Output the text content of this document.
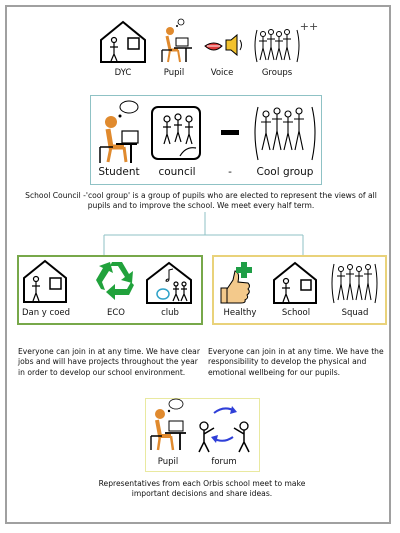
++
DYC	Pupil	Voice	Groups
Student council	- Cool group
School Council -'cool group' is a group of pupils who are elected to represent the views of all pupils and to improve the school. We meet every half term.
Dan y coed	ECO	club	Healthy	School	Squad
Everyone can join in at any time. We have clear jobs and will have projects throughout the year in order to develop our school environment.
Everyone can join in at any time. We have the responsibility to develop the physical and emotional wellbeing for our pupils.
Pupil	forum
Representatives from each Orbis school meet to make important decisions and share ideas.
